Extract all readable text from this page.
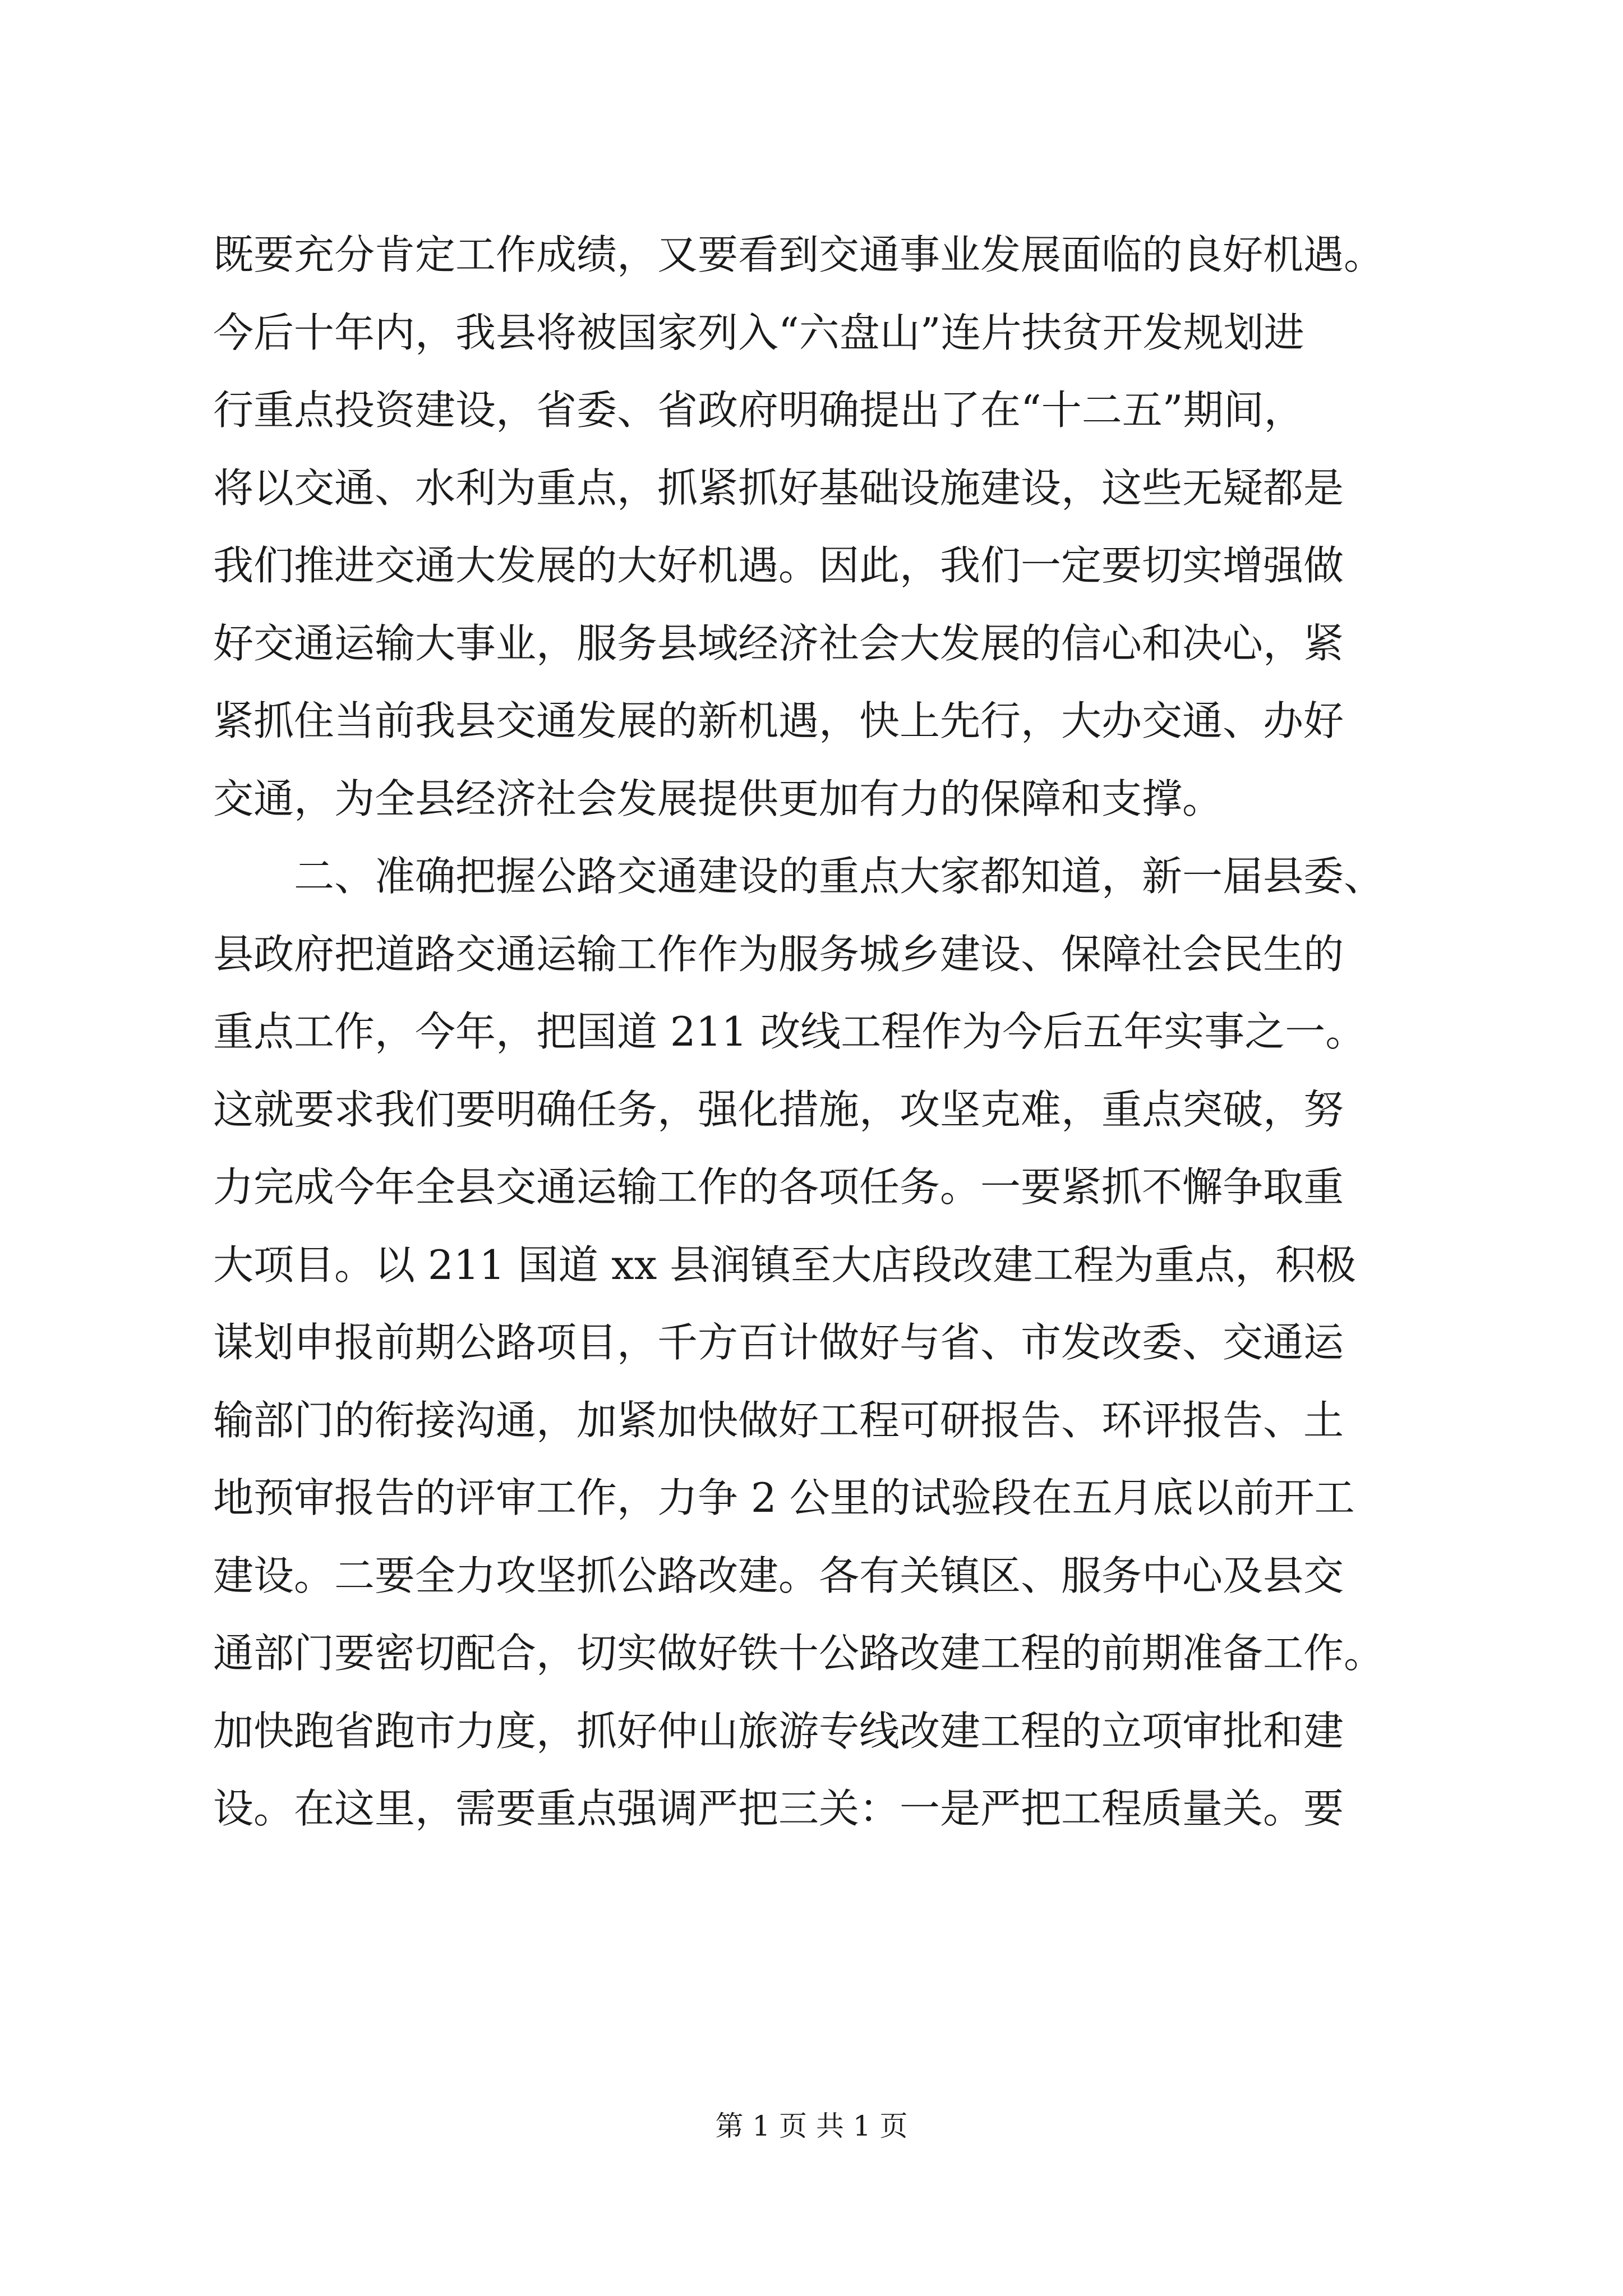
既要充分肯定工作成绩，又要看到交通事业发展面临的良好机遇。
今后十年内，我县将被国家列入“六盘山”连片扶贫开发规划进
行重点投资建设，省委、省政府明确提出了在“十二五”期间，
将以交通、水利为重点，抓紧抓好基础设施建设，这些无疑都是
我们推进交通大发展的大好机遇。因此，我们一定要切实增强做
好交通运输大事业，服务县域经济社会大发展的信心和决心，紧
紧抓住当前我县交通发展的新机遇，快上先行，大办交通、办好
交通，为全县经济社会发展提供更加有力的保障和支撑。
　　二、准确把握公路交通建设的重点大家都知道，新一届县委、
县政府把道路交通运输工作作为服务城乡建设、保障社会民生的
重点工作，今年，把国道 211 改线工程作为今后五年实事之一。
这就要求我们要明确任务，强化措施，攻坚克难，重点突破，努
力完成今年全县交通运输工作的各项任务。一要紧抓不懈争取重
大项目。以 211 国道 xx 县润镇至大店段改建工程为重点，积极
谋划申报前期公路项目，千方百计做好与省、市发改委、交通运
输部门的衔接沟通，加紧加快做好工程可研报告、环评报告、土
地预审报告的评审工作，力争 2 公里的试验段在五月底以前开工
建设。二要全力攻坚抓公路改建。各有关镇区、服务中心及县交
通部门要密切配合，切实做好铁十公路改建工程的前期准备工作。
加快跑省跑市力度，抓好仲山旅游专线改建工程的立项审批和建
设。在这里，需要重点强调严把三关：一是严把工程质量关。要
第 1 页 共 1 页
